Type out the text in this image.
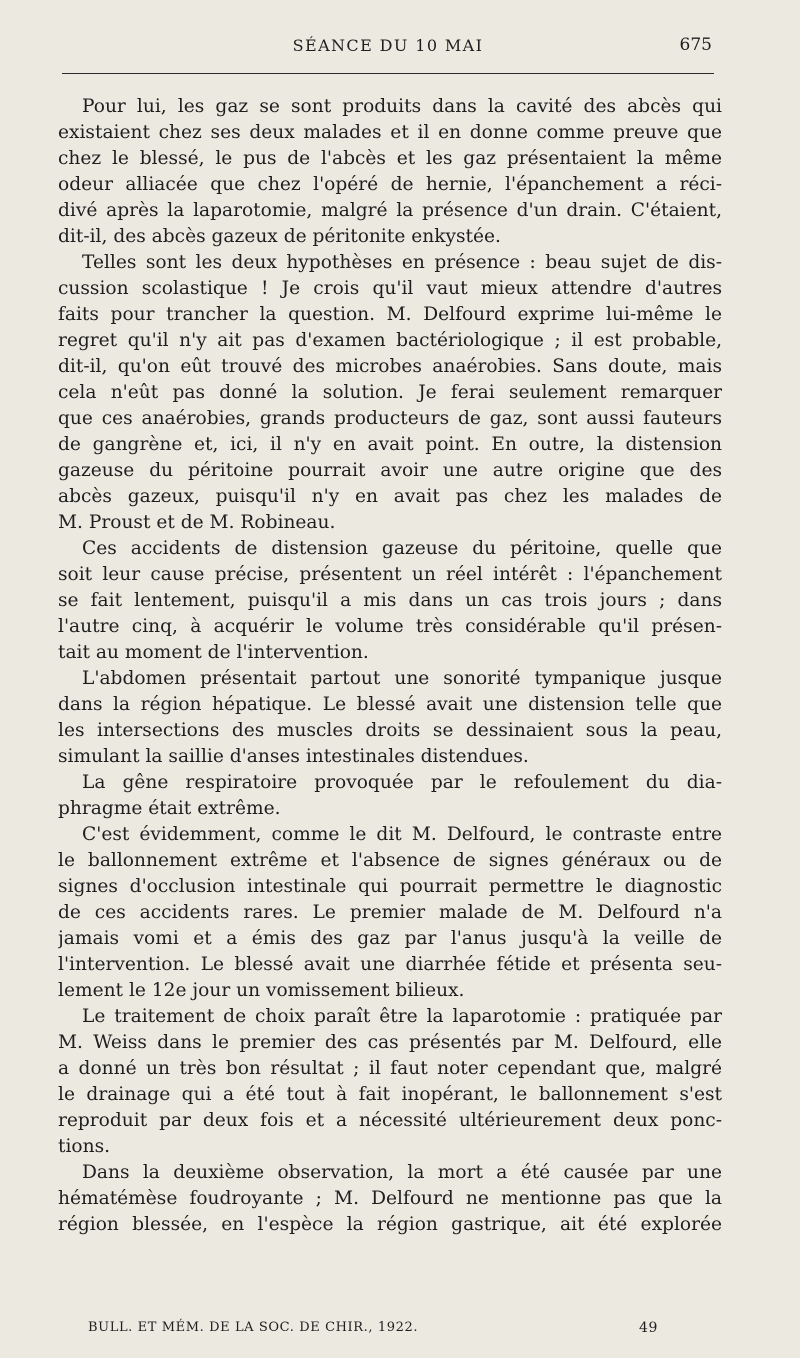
SÉANCE DU 10 MAI	675
Pour lui, les gaz se sont produits dans la cavité des abcès qui
existaient chez ses deux malades et il en donne comme preuve que
chez le blessé, le pus de l'abcès et les gaz présentaient la même
odeur alliacée que chez l'opéré de hernie, l'épanchement a réci-
divé après la laparotomie, malgré la présence d'un drain. C'étaient,
dit-il, des abcès gazeux de péritonite enkystée.
Telles sont les deux hypothèses en présence : beau sujet de dis-
cussion scolastique ! Je crois qu'il vaut mieux attendre d'autres
faits pour trancher la question. M. Delfourd exprime lui-même le
regret qu'il n'y ait pas d'examen bactériologique ; il est probable,
dit-il, qu'on eût trouvé des microbes anaérobies. Sans doute, mais
cela n'eût pas donné la solution. Je ferai seulement remarquer
que ces anaérobies, grands producteurs de gaz, sont aussi fauteurs
de gangrène et, ici, il n'y en avait point. En outre, la distension
gazeuse du péritoine pourrait avoir une autre origine que des
abcès gazeux, puisqu'il n'y en avait pas chez les malades de
M. Proust et de M. Robineau.
Ces accidents de distension gazeuse du péritoine, quelle que
soit leur cause précise, présentent un réel intérêt : l'épanchement
se fait lentement, puisqu'il a mis dans un cas trois jours ; dans
l'autre cinq, à acquérir le volume très considérable qu'il présen-
tait au moment de l'intervention.
L'abdomen présentait partout une sonorité tympanique jusque
dans la région hépatique. Le blessé avait une distension telle que
les intersections des muscles droits se dessinaient sous la peau,
simulant la saillie d'anses intestinales distendues.
La gêne respiratoire provoquée par le refoulement du dia-
phragme était extrême.
C'est évidemment, comme le dit M. Delfourd, le contraste entre
le ballonnement extrême et l'absence de signes généraux ou de
signes d'occlusion intestinale qui pourrait permettre le diagnostic
de ces accidents rares. Le premier malade de M. Delfourd n'a
jamais vomi et a émis des gaz par l'anus jusqu'à la veille de
l'intervention. Le blessé avait une diarrhée fétide et présenta seu-
lement le 12e jour un vomissement bilieux.
Le traitement de choix paraît être la laparotomie : pratiquée par
M. Weiss dans le premier des cas présentés par M. Delfourd, elle
a donné un très bon résultat ; il faut noter cependant que, malgré
le drainage qui a été tout à fait inopérant, le ballonnement s'est
reproduit par deux fois et a nécessité ultérieurement deux ponc-
tions.
Dans la deuxième observation, la mort a été causée par une
hématémèse foudroyante ; M. Delfourd ne mentionne pas que la
région blessée, en l'espèce la région gastrique, ait été explorée
BULL. ET MÉM. DE LA SOC. DE CHIR., 1922.	49
